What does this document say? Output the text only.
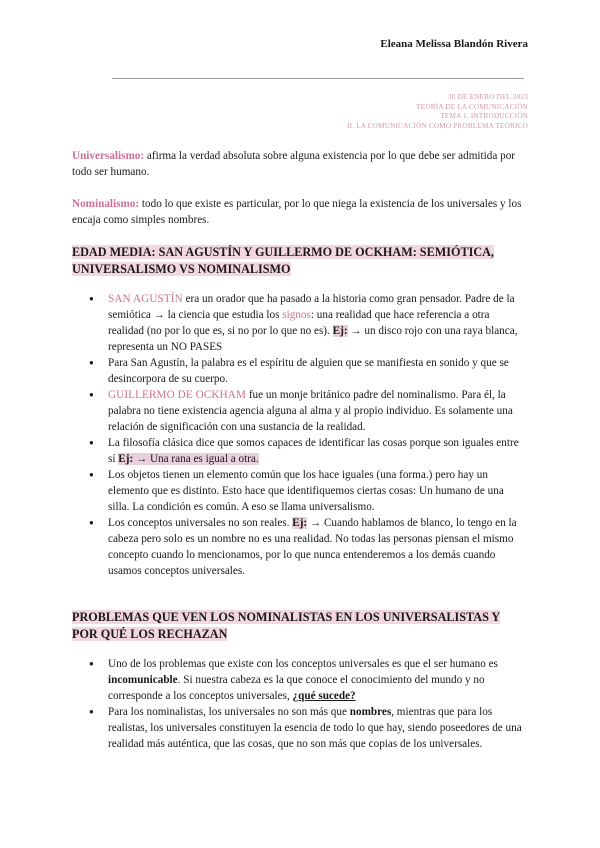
Eleana Melissa Blandón Rivera
30 DE ENERO DEL 2023
TEORÍA DE LA COMUNICACIÓN
TEMA 1. INTRODUCCIÓN
II. LA COMUNICACIÓN COMO PROBLEMA TEÓRICO

Universalismo: afirma la verdad absoluta sobre alguna existencia por lo que debe ser admitida por todo ser humano.

Nominalismo: todo lo que existe es particular, por lo que niega la existencia de los universales y los encaja como simples nombres.

EDAD MEDIA: SAN AGUSTÍN Y GUILLERMO DE OCKHAM: SEMIÓTICA, UNIVERSALISMO VS NOMINALISMO
● SAN AGUSTÍN era un orador que ha pasado a la historia como gran pensador. Padre de la semiótica → la ciencia que estudia los signos: una realidad que hace referencia a otra realidad (no por lo que es, si no por lo que no es). Ej: → un disco rojo con una raya blanca, representa un NO PASES
● Para San Agustín, la palabra es el espíritu de alguien que se manifiesta en sonido y que se desincorpora de su cuerpo.
● GUILLERMO DE OCKHAM fue un monje británico padre del nominalismo. Para él, la palabra no tiene existencia agencia alguna al alma y al propio individuo. Es solamente una relación de significación con una sustancia de la realidad.
● La filosofía clásica dice que somos capaces de identificar las cosas porque son iguales entre sí Ej: → Una rana es igual a otra.
● Los objetos tienen un elemento común que los hace iguales (una forma.) pero hay un elemento que es distinto. Esto hace que identifiquemos ciertas cosas: Un humano de una silla. La condición es común. A eso se llama universalismo.
● Los conceptos universales no son reales. Ej: → Cuando hablamos de blanco, lo tengo en la cabeza pero solo es un nombre no es una realidad. No todas las personas piensan el mismo concepto cuando lo mencionamos, por lo que nunca entenderemos a los demás cuando usamos conceptos universales.
PROBLEMAS QUE VEN LOS NOMINALISTAS EN LOS UNIVERSALISTAS Y POR QUÉ LOS RECHAZAN
● Uno de los problemas que existe con los conceptos universales es que el ser humano es incomunicable. Si nuestra cabeza es la que conoce el conocimiento del mundo y no corresponde a los conceptos universales, ¿qué sucede?
● Para los nominalistas, los universales no son más que nombres, mientras que para los realistas, los universales constituyen la esencia de todo lo que hay, siendo poseedores de una realidad más auténtica, que las cosas, que no son más que copias de los universales.
